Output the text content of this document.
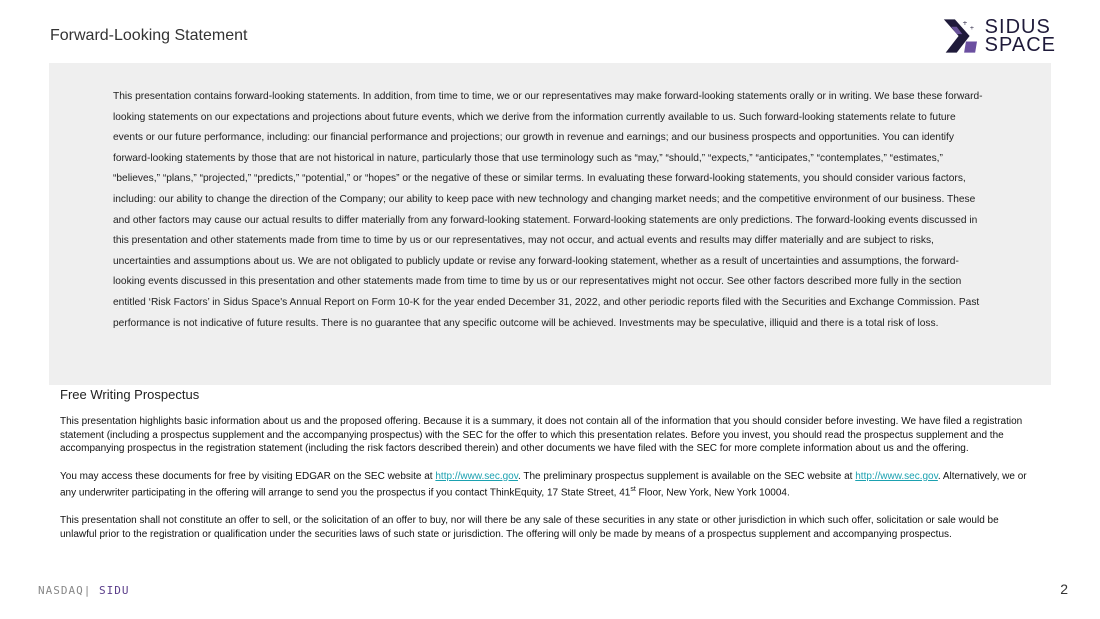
Forward-Looking Statement
+
+ SIDUS
SPACE

This presentation contains forward-looking statements. In addition, from time to time, we or our representatives may make forward-looking statements orally or in writing. We base these forward-looking statements on our expectations and projections about future events, which we derive from the information currently available to us. Such forward-looking statements relate to future events or our future performance, including: our financial performance and projections; our growth in revenue and earnings; and our business prospects and opportunities. You can identify forward-looking statements by those that are not historical in nature, particularly those that use terminology such as “may,” “should,” “expects,” “anticipates,” “contemplates,” “estimates,” “believes,” “plans,” “projected,” “predicts,” “potential,” or “hopes” or the negative of these or similar terms. In evaluating these forward-looking statements, you should consider various factors, including: our ability to change the direction of the Company; our ability to keep pace with new technology and changing market needs; and the competitive environment of our business. These and other factors may cause our actual results to differ materially from any forward-looking statement. Forward-looking statements are only predictions. The forward-looking events discussed in this presentation and other statements made from time to time by us or our representatives, may not occur, and actual events and results may differ materially and are subject to risks, uncertainties and assumptions about us. We are not obligated to publicly update or revise any forward-looking statement, whether as a result of uncertainties and assumptions, the forward-looking events discussed in this presentation and other statements made from time to time by us or our representatives might not occur. See other factors described more fully in the section entitled ‘Risk Factors’ in Sidus Space's Annual Report on Form 10-K for the year ended December 31, 2022, and other periodic reports filed with the Securities and Exchange Commission. Past performance is not indicative of future results. There is no guarantee that any specific outcome will be achieved. Investments may be speculative, illiquid and there is a total risk of loss.

Free Writing Prospectus

This presentation highlights basic information about us and the proposed offering. Because it is a summary, it does not contain all of the information that you should consider before investing. We have filed a registration statement (including a prospectus supplement and the accompanying prospectus) with the SEC for the offer to which this presentation relates. Before you invest, you should read the prospectus supplement and the accompanying prospectus in the registration statement (including the risk factors described therein) and other documents we have filed with the SEC for more complete information about us and the offering.

You may access these documents for free by visiting EDGAR on the SEC website at http://www.sec.gov. The preliminary prospectus supplement is available on the SEC website at http://www.sec.gov. Alternatively, we or any underwriter participating in the offering will arrange to send you the prospectus if you contact ThinkEquity, 17 State Street, 41st Floor, New York, New York 10004.

This presentation shall not constitute an offer to sell, or the solicitation of an offer to buy, nor will there be any sale of these securities in any state or other jurisdiction in which such offer, solicitation or sale would be unlawful prior to the registration or qualification under the securities laws of such state or jurisdiction. The offering will only be made by means of a prospectus supplement and accompanying prospectus.

NASDAQ| SIDU	2
